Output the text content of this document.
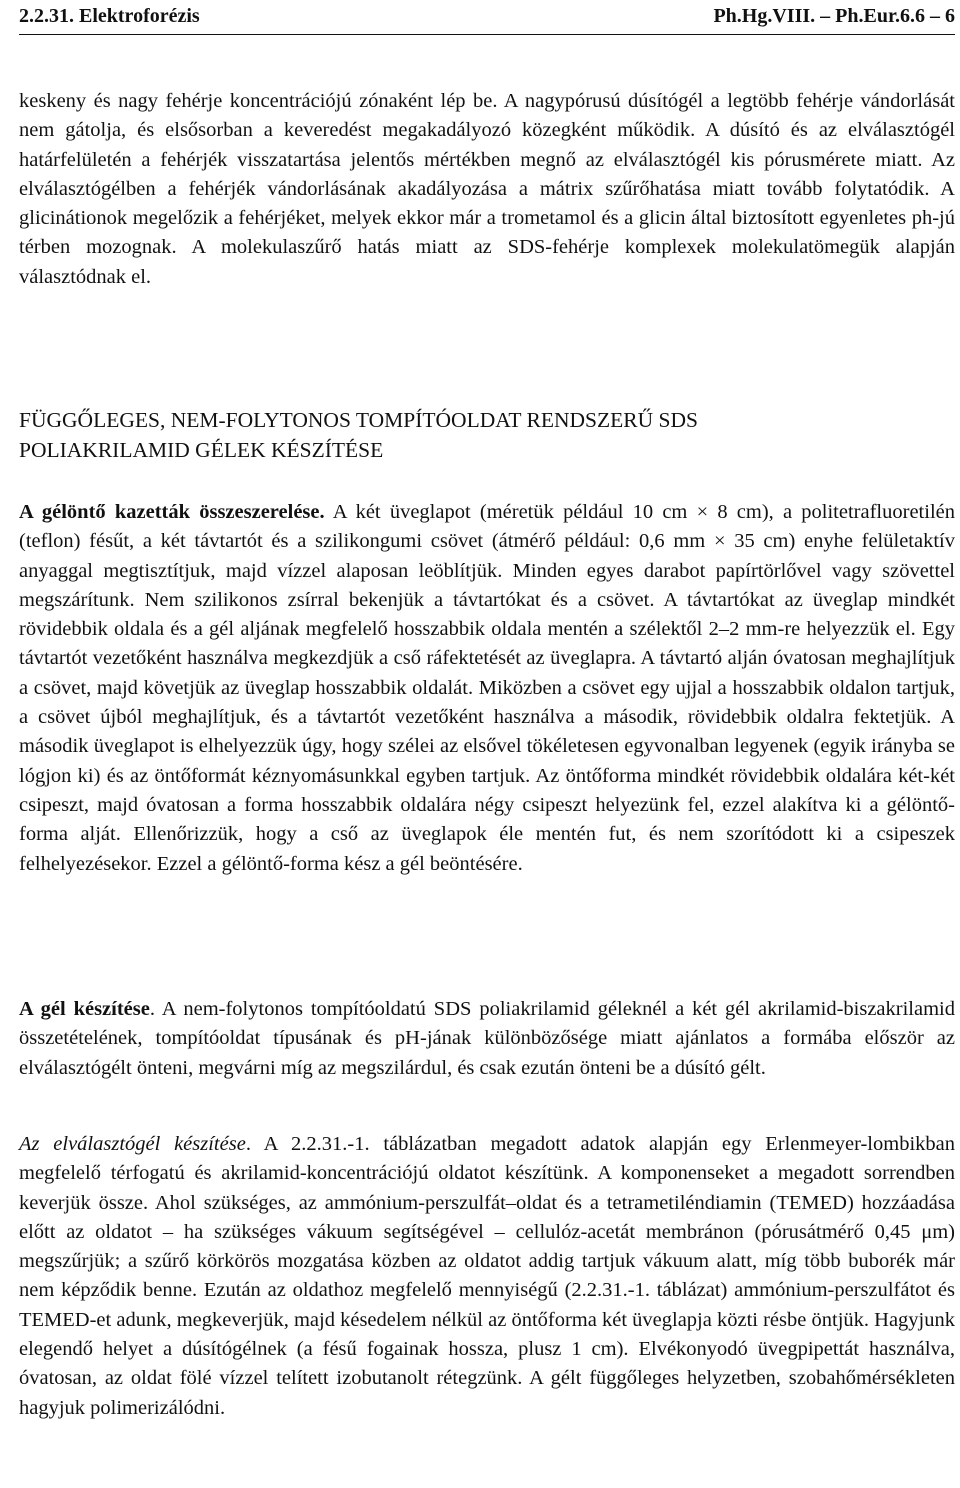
2.2.31. Elektroforézis	Ph.Hg.VIII. – Ph.Eur.6.6 – 6

keskeny és nagy fehérje koncentrációjú zónaként lép be. A nagypórusú dúsítógél a legtöbb fehérje vándorlását nem gátolja, és elsősorban a keveredést megakadályozó közegként működik. A dúsító és az elválasztógél határfelületén a fehérjék visszatartása jelentős mértékben megnő az elválasztógél kis pórusmérete miatt. Az elválasztógélben a fehérjék vándorlásának akadályozása a mátrix szűrőhatása miatt tovább folytatódik. A glicinátionok megelőzik a fehérjéket, melyek ekkor már a trometamol és a glicin által biztosított egyenletes ph-jú térben mozognak. A molekulaszűrő hatás miatt az SDS-fehérje komplexek molekulatömegük alapján választódnak el.

FÜGGŐLEGES, NEM-FOLYTONOS TOMPÍTÓOLDAT RENDSZERŰ SDS
POLIAKRILAMID GÉLEK KÉSZÍTÉSE

A gélöntő kazetták összeszerelése. A két üveglapot (méretük például 10 cm × 8 cm), a politetrafluoretilén (teflon) fésűt, a két távtartót és a szilikongumi csövet (átmérő például: 0,6 mm × 35 cm) enyhe felületaktív anyaggal megtisztítjuk, majd vízzel alaposan leöblítjük. Minden egyes darabot papírtörlővel vagy szövettel megszárítunk. Nem szilikonos zsírral bekenjük a távtartókat és a csövet. A távtartókat az üveglap mindkét rövidebbik oldala és a gél aljának megfelelő hosszabbik oldala mentén a szélektől 2–2 mm-re helyezzük el. Egy távtartót vezetőként használva megkezdjük a cső ráfektetését az üveglapra. A távtartó alján óvatosan meghajlítjuk a csövet, majd követjük az üveglap hosszabbik oldalát. Miközben a csövet egy ujjal a hosszabbik oldalon tartjuk, a csövet újból meghajlítjuk, és a távtartót vezetőként használva a második, rövidebbik oldalra fektetjük. A második üveglapot is elhelyezzük úgy, hogy szélei az elsővel tökéletesen egyvonalban legyenek (egyik irányba se lógjon ki) és az öntőformát kéznyomásunkkal egyben tartjuk. Az öntőforma mindkét rövidebbik oldalára két-két csipeszt, majd óvatosan a forma hosszabbik oldalára négy csipeszt helyezünk fel, ezzel alakítva ki a gélöntő-forma alját. Ellenőrizzük, hogy a cső az üveglapok éle mentén fut, és nem szorítódott ki a csipeszek felhelyezésekor. Ezzel a gélöntő-forma kész a gél beöntésére.

A gél készítése. A nem-folytonos tompítóoldatú SDS poliakrilamid géleknél a két gél akrilamid-biszakrilamid összetételének, tompítóoldat típusának és pH-jának különbözősége miatt ajánlatos a formába először az elválasztógélt önteni, megvárni míg az megszilárdul, és csak ezután önteni be a dúsító gélt.

Az elválasztógél készítése. A 2.2.31.-1. táblázatban megadott adatok alapján egy Erlenmeyer-lombikban megfelelő térfogatú és akrilamid-koncentrációjú oldatot készítünk. A komponenseket a megadott sorrendben keverjük össze. Ahol szükséges, az ammónium-perszulfát–oldat és a tetrametiléndiamin (TEMED) hozzáadása előtt az oldatot – ha szükséges vákuum segítségével – cellulóz-acetát membránon (pórusátmérő 0,45 μm) megszűrjük; a szűrő körkörös mozgatása közben az oldatot addig tartjuk vákuum alatt, míg több buborék már nem képződik benne. Ezután az oldathoz megfelelő mennyiségű (2.2.31.-1. táblázat) ammónium-perszulfátot és TEMED-et adunk, megkeverjük, majd késedelem nélkül az öntőforma két üveglapja közti résbe öntjük. Hagyjunk elegendő helyet a dúsítógélnek (a fésű fogainak hossza, plusz 1 cm). Elvékonyodó üvegpipettát használva, óvatosan, az oldat fölé vízzel telített izobutanolt rétegzünk. A gélt függőleges helyzetben, szobahőmérsékleten hagyjuk polimerizálódni.
